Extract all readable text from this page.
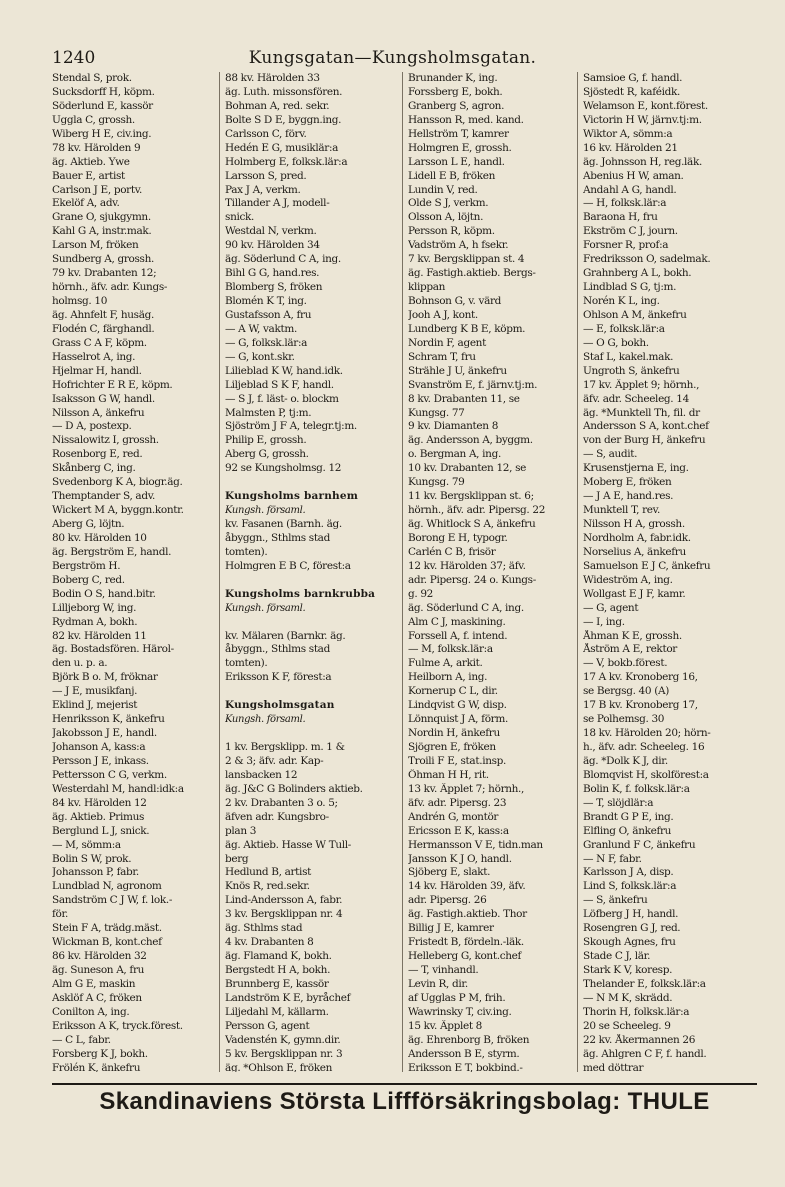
1240	Kungsgatan—Kungsholmsgatan.
Stendal S, prok.
Sucksdorff H, köpm.
Söderlund E, kassör
Uggla C, grossh.
Wiberg H E, civ.ing.
78 kv. Härolden 9
äg. Aktieb. Ywe
Bauer E, artist
Carlson J E, portv.
Ekelöf A, adv.
Grane O, sjukgymn.
Kahl G A, instr.mak.
Larson M, fröken
Sundberg A, grossh.
79 kv. Drabanten 12;
hörnh., äfv. adr. Kungs-
holmsg. 10
äg. Ahnfelt F, husäg.
Flodén C, färghandl.
Grass C A F, köpm.
Hasselrot A, ing.
Hjelmar H, handl.
Hofrichter E R E, köpm.
Isaksson G W, handl.
Nilsson A, änkefru
— D A, postexp.
Nissalowitz I, grossh.
Rosenborg E, red.
Skånberg C, ing.
Svedenborg K A, biogr.äg.
Themptander S, adv.
Wickert M A, byggn.kontr.
Aberg G, löjtn.
80 kv. Härolden 10
äg. Bergström E, handl.
Bergström H.
Boberg C, red.
Bodin O S, hand.bitr.
Lilljeborg W, ing.
Rydman A, bokh.
82 kv. Härolden 11
äg. Bostadsfören. Härol-
den u. p. a.
Björk B o. M, fröknar
— J E, musikfanj.
Eklind J, mejerist
Henriksson K, änkefru
Jakobsson J E, handl.
Johanson A, kass:a
Persson J E, inkass.
Pettersson C G, verkm.
Westerdahl M, handl:idk:a
84 kv. Härolden 12
äg. Aktieb. Primus
Berglund L J, snick.
— M, sömm:a
Bolin S W, prok.
Johansson P, fabr.
Lundblad N, agronom
Sandström C J W, f. lok.-
för.
Stein F A, trädg.mäst.
Wickman B, kont.chef
86 kv. Härolden 32
äg. Suneson A, fru
Alm G E, maskin
Asklöf A C, fröken
Conilton A, ing.
Eriksson A K, tryck.förest.
— C L, fabr.
Forsberg K J, bokh.
Frölén K, änkefru
88 kv. Härolden 33
äg. Luth. missonsfören.
Bohman A, red. sekr.
Bolte S D E, byggn.ing.
Carlsson C, förv.
Hedén E G, musiklär:a
Holmberg E, folksk.lär:a
Larsson S, pred.
Pax J A, verkm.
Tillander A J, modell-
snick.
Westdal N, verkm.
90 kv. Härolden 34
äg. Söderlund C A, ing.
Bihl G G, hand.res.
Blomberg S, fröken
Blomén K T, ing.
Gustafsson A, fru
— A W, vaktm.
— G, folksk.lär:a
— G, kont.skr.
Lilieblad K W, hand.idk.
Liljeblad S K F, handl.
— S J, f. läst- o. blockm
Malmsten P, tj:m.
Sjöström J F A, telegr.tj:m.
Philip E, grossh.
Aberg G, grossh.
92 se Kungsholmsg. 12
Kungsholms barnhem
Kungsh. församl.
kv. Fasanen (Barnh. äg.
åbyggn., Sthlms stad
tomten).
Holmgren E B C, förest:a
Kungsholms barnkrubba
Kungsh. församl.
kv. Mälaren (Barnkr. äg.
åbyggn., Sthlms stad
tomten).
Eriksson K F, förest:a
Kungsholmsgatan
Kungsh. församl.
1 kv. Bergsklipp. m. 1 &
2 & 3; äfv. adr. Kap-
lansbacken 12
äg. J&C G Bolinders aktieb.
2 kv. Drabanten 3 o. 5;
äfven adr. Kungsbro-
plan 3
äg. Aktieb. Hasse W Tull-
berg
Hedlund B, artist
Knös R, red.sekr.
Lind-Andersson A, fabr.
3 kv. Bergsklippan nr. 4
äg. Sthlms stad
4 kv. Drabanten 8
äg. Flamand K, bokh.
Bergstedt H A, bokh.
Brunnberg E, kassör
Landström K E, byråchef
Liljedahl M, källarm.
Persson G, agent
Vadenstén K, gymn.dir.
5 kv. Bergsklippan nr. 3
äg. *Ohlson E, fröken
Brunander K, ing.
Forssberg E, bokh.
Granberg S, agron.
Hansson R, med. kand.
Hellström T, kamrer
Holmgren E, grossh.
Larsson L E, handl.
Lidell E B, fröken
Lundin V, red.
Olde S J, verkm.
Olsson A, löjtn.
Persson R, köpm.
Vadström A, h fsekr.
7 kv. Bergsklippan st. 4
äg. Fastigh.aktieb. Bergs-
klippan
Bohnson G, v. värd
Jooh A J, kont.
Lundberg K B E, köpm.
Nordin F, agent
Schram T, fru
Strähle J U, änkefru
Svanström E, f. järnv.tj:m.
8 kv. Drabanten 11, se
Kungsg. 77
9 kv. Diamanten 8
äg. Andersson A, byggm.
o. Bergman A, ing.
10 kv. Drabanten 12, se
Kungsg. 79
11 kv. Bergsklippan st. 6;
hörnh., äfv. adr. Pipersg. 22
äg. Whitlock S A, änkefru
Borong E H, typogr.
Carlén C B, frisör
12 kv. Härolden 37; äfv.
adr. Pipersg. 24 o. Kungs-
g. 92
äg. Söderlund C A, ing.
Alm C J, maskining.
Forssell A, f. intend.
— M, folksk.lär:a
Fulme A, arkit.
Heilborn A, ing.
Kornerup C L, dir.
Lindqvist G W, disp.
Lönnquist J A, förm.
Nordin H, änkefru
Sjögren E, fröken
Troili F E, stat.insp.
Öhman H H, rit.
13 kv. Äpplet 7; hörnh.,
äfv. adr. Pipersg. 23
Andrén G, montör
Ericsson E K, kass:a
Hermansson V E, tidn.man
Jansson K J O, handl.
Sjöberg E, slakt.
14 kv. Härolden 39, äfv.
adr. Pipersg. 26
äg. Fastigh.aktieb. Thor
Billig J E, kamrer
Fristedt B, fördeln.-läk.
Helleberg G, kont.chef
— T, vinhandl.
Levin R, dir.
af Ugglas P M, frih.
Wawrinsky T, civ.ing.
15 kv. Äpplet 8
äg. Ehrenborg B, fröken
Andersson B E, styrm.
Eriksson E T, bokbind.-
Samsioe G, f. handl.
Sjöstedt R, kaféidk.
Welamson E, kont.förest.
Victorin H W, järnv.tj:m.
Wiktor A, sömm:a
16 kv. Härolden 21
äg. Johnsson H, reg.läk.
Abenius H W, aman.
Andahl A G, handl.
— H, folksk.lär:a
Baraona H, fru
Ekström C J, journ.
Forsner R, prof:a
Fredriksson O, sadelmak.
Grahnberg A L, bokh.
Lindblad S G, tj:m.
Norén K L, ing.
Ohlson A M, änkefru
— E, folksk.lär:a
— O G, bokh.
Staf L, kakel.mak.
Ungroth S, änkefru
17 kv. Äpplet 9; hörnh.,
äfv. adr. Scheeleg. 14
äg. *Munktell Th, fil. dr
Andersson S A, kont.chef
von der Burg H, änkefru
— S, audit.
Krusenstjerna E, ing.
Moberg E, fröken
— J A E, hand.res.
Munktell T, rev.
Nilsson H A, grossh.
Nordholm A, fabr.idk.
Norselius A, änkefru
Samuelson E J C, änkefru
Wideström A, ing.
Wollgast E J F, kamr.
— G, agent
— I, ing.
Åhman K E, grossh.
Åström A E, rektor
— V, bokb.förest.
17 A kv. Kronoberg 16,
se Bergsg. 40 (A)
17 B kv. Kronoberg 17,
se Polhemsg. 30
18 kv. Härolden 20; hörn-
h., äfv. adr. Scheeleg. 16
äg. *Dolk K J, dir.
Blomqvist H, skolförest:a
Bolin K, f. folksk.lär:a
— T, slöjdlär:a
Brandt G P E, ing.
Elfling O, änkefru
Granlund F C, änkefru
— N F, fabr.
Karlsson J A, disp.
Lind S, folksk.lär:a
— S, änkefru
Löfberg J H, handl.
Rosengren G J, red.
Skough Agnes, fru
Stade C J, lär.
Stark K V, koresp.
Thelander E, folksk.lär:a
— N M K, skrädd.
Thorin H, folksk.lär:a
20 se Scheeleg. 9
22 kv. Åkermannen 26
äg. Ahlgren C F, f. handl.
med döttrar
Skandinaviens Största Liffförsäkringsbolag: THULE
